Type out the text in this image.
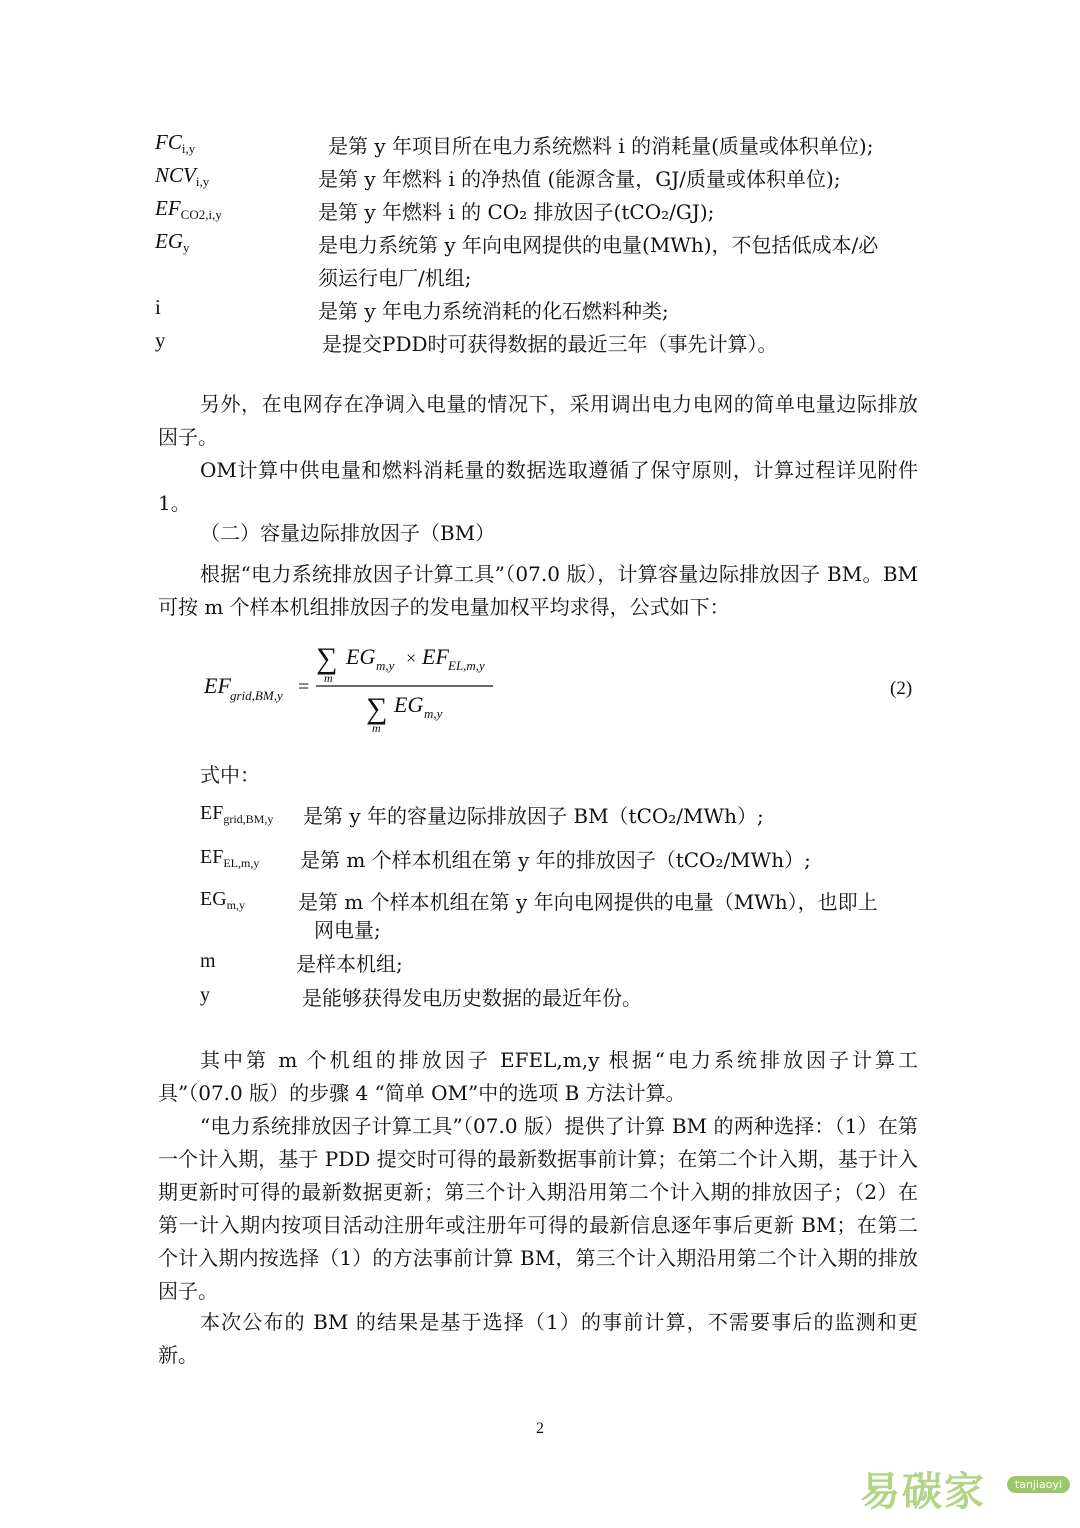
$FC_{i,y}$	是第 y 年项目所在电力系统燃料 i 的消耗量(质量或体积单位);
$NCV_{i,y}$	是第 y 年燃料 i 的净热值 (能源含量，GJ/质量或体积单位);
$EF_{CO2,i,y}$	是第 y 年燃料 i 的 CO₂ 排放因子(tCO₂/GJ);
$EG_y$	是电力系统第 y 年向电网提供的电量(MWh)，不包括低成本/必
须运行电厂/机组;
i	是第 y 年电力系统消耗的化石燃料种类;
y	是提交PDD时可获得数据的最近三年（事先计算）。
另外，在电网存在净调入电量的情况下，采用调出电力电网的简单电量边际排放因子。
OM计算中供电量和燃料消耗量的数据选取遵循了保守原则，计算过程详见附件1。
（二）容量边际排放因子（BM）
根据“电力系统排放因子计算工具”（07.0 版），计算容量边际排放因子 BM。BM 可按 m 个样本机组排放因子的发电量加权平均求得，公式如下：
EF grid,BM,y =
∑
m
EG m,y × EF EL,m,y
∑
m
EG m,y
(2)
式中：
$EF_{grid,BM,y}$ 是第 y 年的容量边际排放因子 BM（tCO₂/MWh）;
$EF_{EL,m,y}$ 是第 m 个样本机组在第 y 年的排放因子（tCO₂/MWh）;
$EG_{m,y}$	是第 m 个样本机组在第 y 年向电网提供的电量（MWh），也即上
网电量;
m	是样本机组;
y	是能够获得发电历史数据的最近年份。
其中第 m 个机组的排放因子 EFEL,m,y 根据“电力系统排放因子计算工具”（07.0 版）的步骤 4 “简单 OM”中的选项 B 方法计算。
“电力系统排放因子计算工具”（07.0 版）提供了计算 BM 的两种选择：（1）在第一个计入期，基于 PDD 提交时可得的最新数据事前计算；在第二个计入期，基于计入期更新时可得的最新数据更新；第三个计入期沿用第二个计入期的排放因子；（2）在第一计入期内按项目活动注册年或注册年可得的最新信息逐年事后更新 BM；在第二个计入期内按选择（1）的方法事前计算 BM，第三个计入期沿用第二个计入期的排放因子。
本次公布的 BM 的结果是基于选择（1）的事前计算，不需要事后的监测和更新。
2
易碳家	tanjiaoyi
